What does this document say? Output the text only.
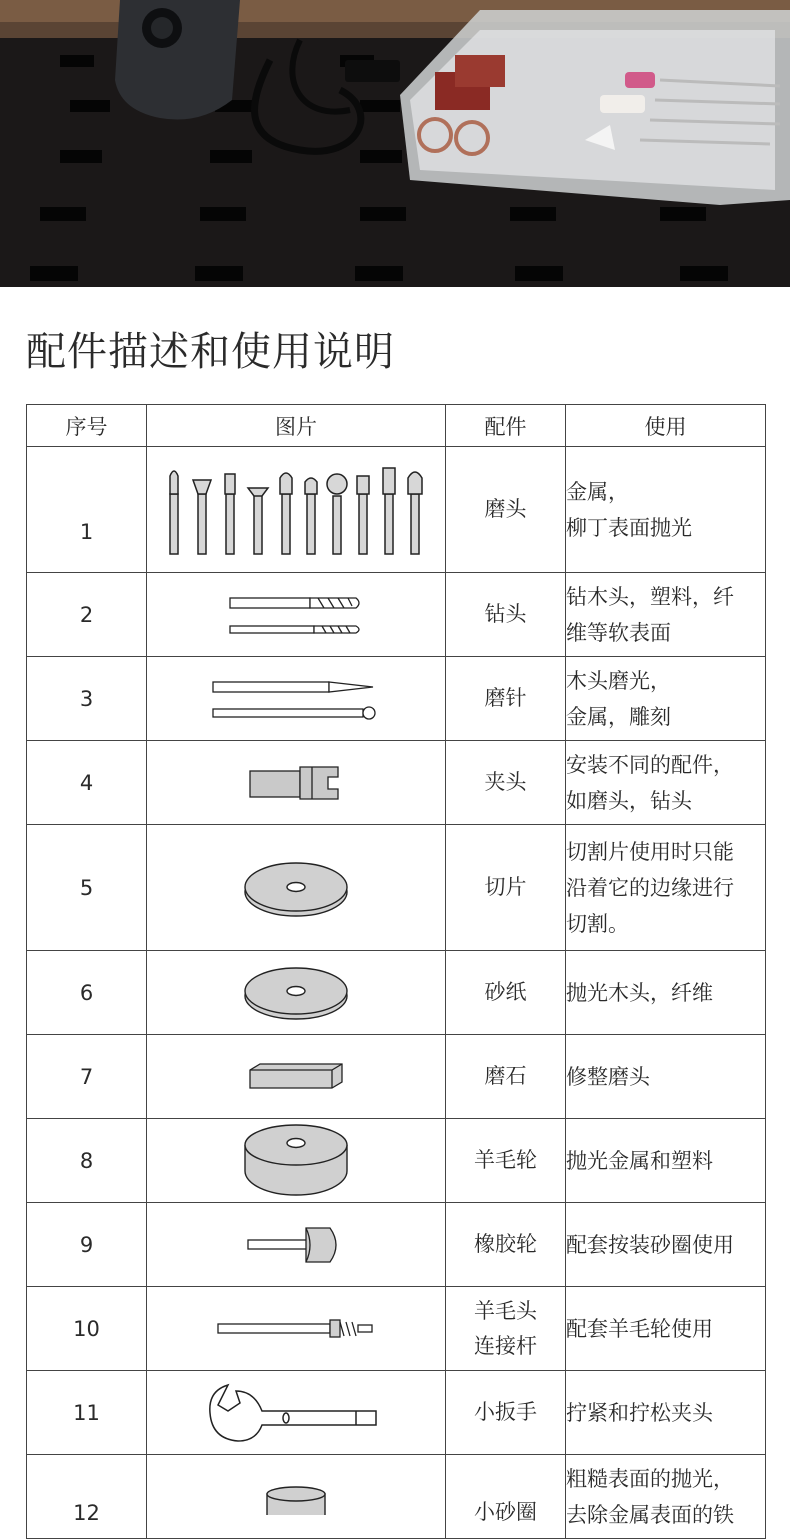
配件描述和使用说明
序号	图片	配件	使用
1		磨头	金属，
柳丁表面抛光

2		钻头	钻木头，塑料，纤
维等软表面

3		磨针	木头磨光，
金属，雕刻

4		夹头	安装不同的配件，
如磨头，钻头

5		切片	切割片使用时只能
沿着它的边缘进行
切割。

6		砂纸	抛光木头，纤维

7		磨石	修整磨头

8		羊毛轮	抛光金属和塑料

9		橡胶轮	配套按装砂圈使用

10		羊毛头
连接杆	配套羊毛轮使用

11		小扳手	拧紧和拧松夹头

12		小砂圈	粗糙表面的抛光，
去除金属表面的铁
